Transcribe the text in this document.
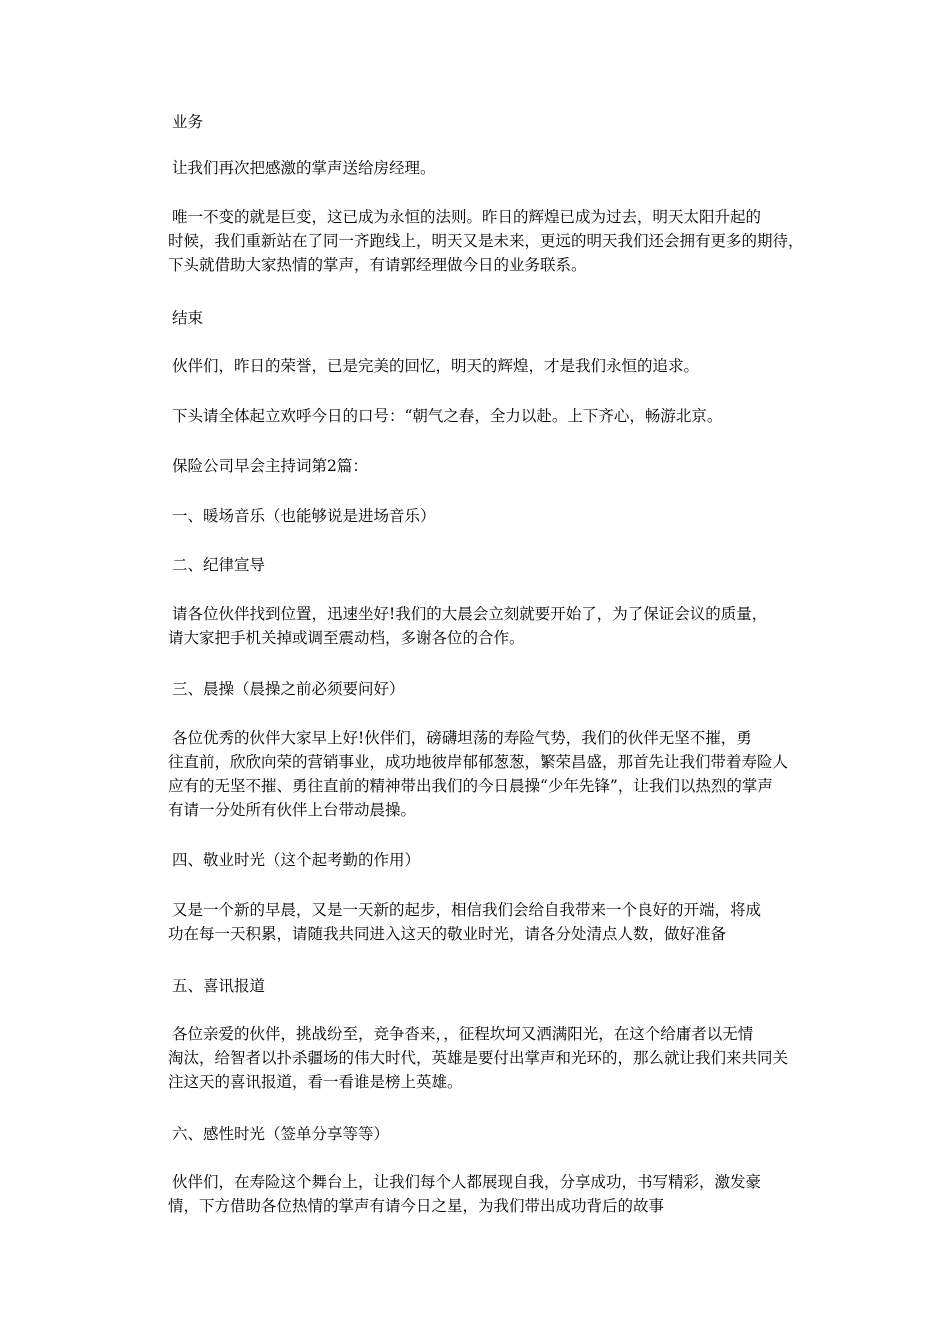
业务

让我们再次把感激的掌声送给房经理。

唯一不变的就是巨变，这已成为永恒的法则。昨日的辉煌已成为过去，明天太阳升起的
时候，我们重新站在了同一齐跑线上，明天又是未来，更远的明天我们还会拥有更多的期待，
下头就借助大家热情的掌声，有请郭经理做今日的业务联系。

结束

伙伴们，昨日的荣誉，已是完美的回忆，明天的辉煌，才是我们永恒的追求。

下头请全体起立欢呼今日的口号：“朝气之春，全力以赴。上下齐心，畅游北京。

保险公司早会主持词第2篇：

一、暖场音乐（也能够说是进场音乐）

二、纪律宣导

请各位伙伴找到位置，迅速坐好!我们的大晨会立刻就要开始了，为了保证会议的质量，
请大家把手机关掉或调至震动档，多谢各位的合作。

三、晨操（晨操之前必须要问好）

各位优秀的伙伴大家早上好!伙伴们，磅礴坦荡的寿险气势，我们的伙伴无坚不摧，勇
往直前，欣欣向荣的营销事业，成功地彼岸郁郁葱葱，繁荣昌盛，那首先让我们带着寿险人
应有的无坚不摧、勇往直前的精神带出我们的今日晨操“少年先锋”，让我们以热烈的掌声
有请一分处所有伙伴上台带动晨操。

四、敬业时光（这个起考勤的作用）

又是一个新的早晨，又是一天新的起步，相信我们会给自我带来一个良好的开端，将成
功在每一天积累，请随我共同进入这天的敬业时光，请各分处清点人数，做好准备

五、喜讯报道

各位亲爱的伙伴，挑战纷至，竞争沓来，，征程坎坷又洒满阳光，在这个给庸者以无情
淘汰，给智者以扑杀疆场的伟大时代，英雄是要付出掌声和光环的，那么就让我们来共同关
注这天的喜讯报道，看一看谁是榜上英雄。

六、感性时光（签单分享等等）

伙伴们，在寿险这个舞台上，让我们每个人都展现自我，分享成功，书写精彩，激发豪
情，下方借助各位热情的掌声有请今日之星，为我们带出成功背后的故事
